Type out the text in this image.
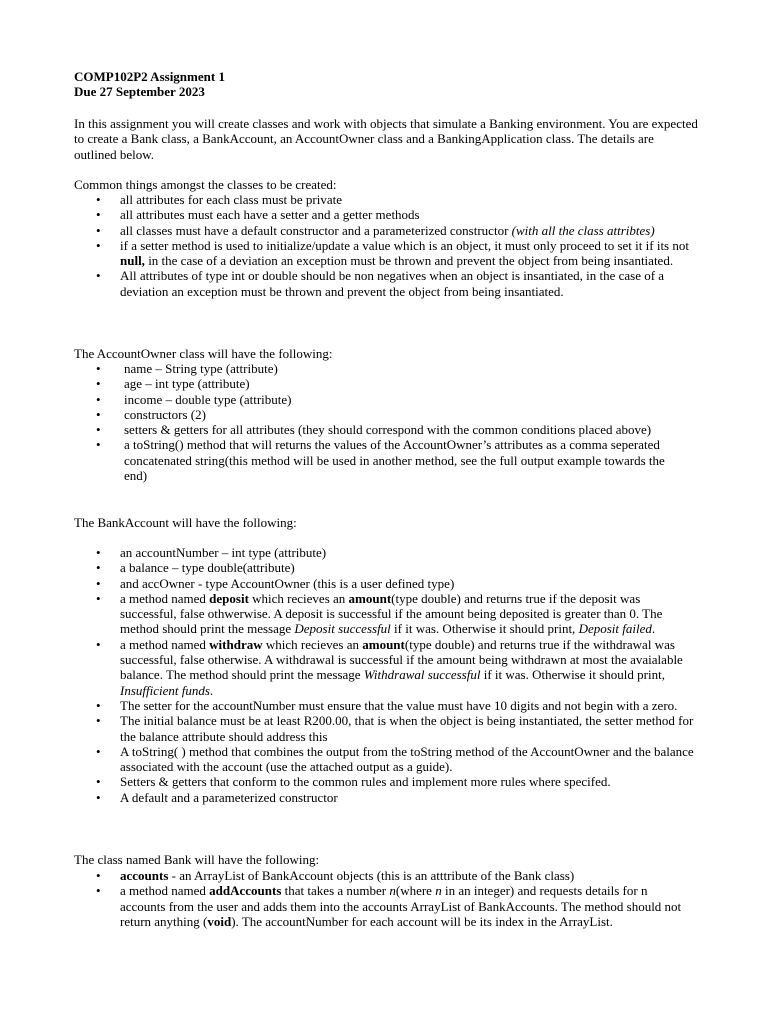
COMP102P2 Assignment 1
Due 27 September 2023

In this assignment you will create classes and work with objects that simulate a Banking environment. You are expected to create a Bank class, a BankAccount, an AccountOwner class and a BankingApplication class. The details are outlined below.

Common things amongst the classes to be created:

• all attributes for each class must be private
• all attributes must each have a setter and a getter methods
• all classes must have a default constructor and a parameterized constructor (with all the class attribtes)
• if a setter method is used to initialize/update a value which is an object, it must only proceed to set it if its not null, in the case of a deviation an exception must be thrown and prevent the object from being insantiated.
• All attributes of type int or double should be non negatives when an object is insantiated, in the case of a deviation an exception must be thrown and prevent the object from being insantiated.

The AccountOwner class will have the following:

• name – String type (attribute)
• age – int type (attribute)
• income – double type (attribute)
• constructors (2)
• setters & getters for all attributes (they should correspond with the common conditions placed above)
• a toString() method that will returns the values of the AccountOwner’s attributes as a comma seperated concatenated string(this method will be used in another method, see the full output example towards the end)

The BankAccount will have the following:

• an accountNumber – int type (attribute)
• a balance – type double(attribute)
• and accOwner - type AccountOwner (this is a user defined type)
• a method named deposit which recieves an amount(type double) and returns true if the deposit was successful, false othwerwise. A deposit is successful if the amount being deposited is greater than 0. The method should print the message Deposit successful if it was. Otherwise it should print, Deposit failed.
• a method named withdraw which recieves an amount(type double) and returns true if the withdrawal was successful, false otherwise. A withdrawal is successful if the amount being withdrawn at most the avaialable balance. The method should print the message Withdrawal successful if it was. Otherwise it should print, Insufficient funds.
• The setter for the accountNumber must ensure that the value must have 10 digits and not begin with a zero.
• The initial balance must be at least R200.00, that is when the object is being instantiated, the setter method for the balance attribute should address this
• A toString( ) method that combines the output from the toString method of the AccountOwner and the balance associated with the account (use the attached output as a guide).
• Setters & getters that conform to the common rules and implement more rules where specifed.
• A default and a parameterized constructor

The class named Bank will have the following:

• accounts - an ArrayList of BankAccount objects (this is an atttribute of the Bank class)
• a method named addAccounts that takes a number n(where n in an integer) and requests details for n accounts from the user and adds them into the accounts ArrayList of BankAccounts. The method should not return anything (void). The accountNumber for each account will be its index in the ArrayList.
